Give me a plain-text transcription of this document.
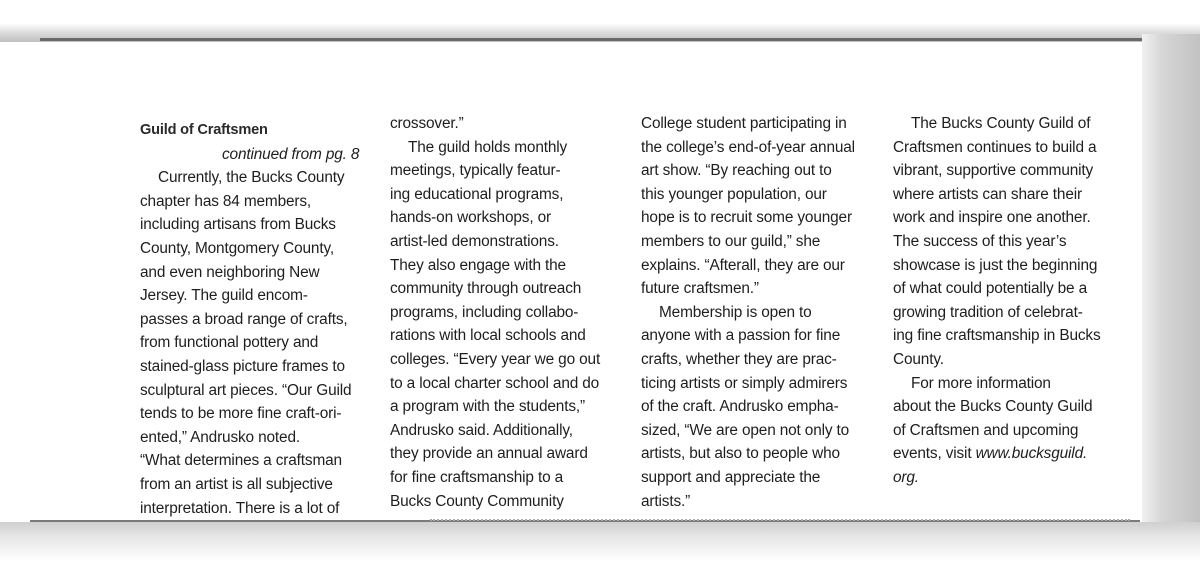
Guild of Craftsmen
continued from pg. 8
Currently, the Bucks County
chapter has 84 members,
including artisans from Bucks
County, Montgomery County,
and even neighboring New
Jersey. The guild encom-
passes a broad range of crafts,
from functional pottery and
stained-glass picture frames to
sculptural art pieces. “Our Guild
tends to be more fine craft-ori-
ented,” Andrusko noted.
“What determines a craftsman
from an artist is all subjective
interpretation. There is a lot of
crossover.”
The guild holds monthly
meetings, typically featur-
ing educational programs,
hands-on workshops, or
artist-led demonstrations.
They also engage with the
community through outreach
programs, including collabo-
rations with local schools and
colleges. “Every year we go out
to a local charter school and do
a program with the students,”
Andrusko said. Additionally,
they provide an annual award
for fine craftsmanship to a
Bucks County Community
College student participating in
the college’s end-of-year annual
art show. “By reaching out to
this younger population, our
hope is to recruit some younger
members to our guild,” she
explains. “Afterall, they are our
future craftsmen.”
Membership is open to
anyone with a passion for fine
crafts, whether they are prac-
ticing artists or simply admirers
of the craft. Andrusko empha-
sized, “We are open not only to
artists, but also to people who
support and appreciate the
artists.”
The Bucks County Guild of
Craftsmen continues to build a
vibrant, supportive community
where artists can share their
work and inspire one another.
The success of this year’s
showcase is just the beginning
of what could potentially be a
growing tradition of celebrat-
ing fine craftsmanship in Bucks
County.
For more information
about the Bucks County Guild
of Craftsmen and upcoming
events, visit www.bucksguild.
org.
